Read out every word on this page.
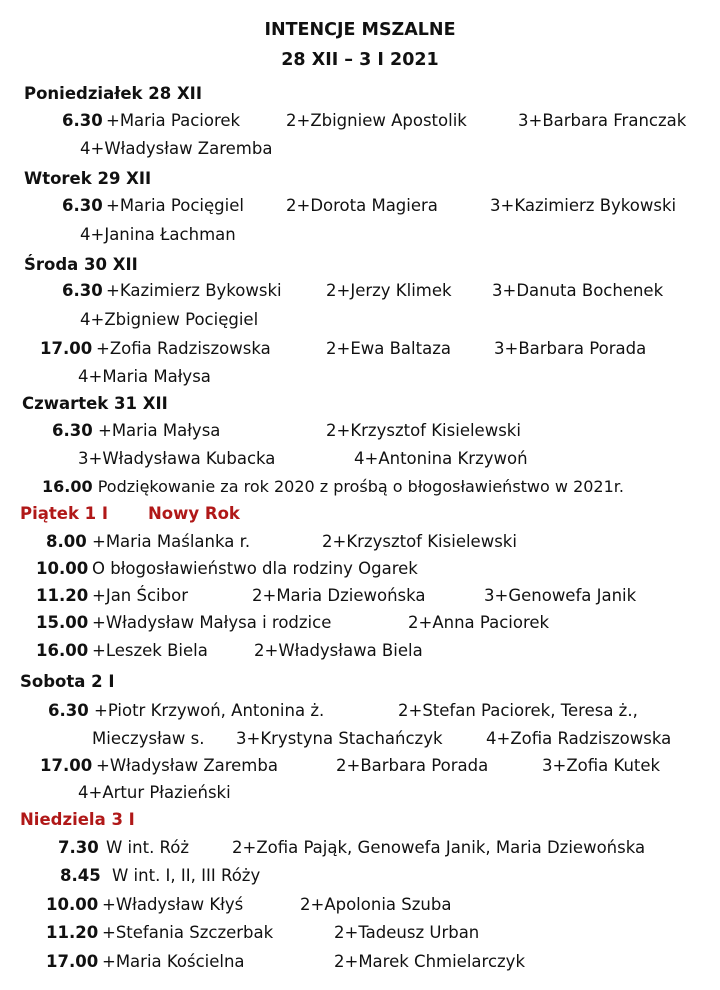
INTENCJE MSZALNE
28 XII – 3 I 2021
Poniedziałek 28 XII
6.30 +Maria Paciorek	2+Zbigniew Apostolik	3+Barbara Franczak
4+Władysław Zaremba
Wtorek 29 XII
6.30 +Maria Pocięgiel	2+Dorota Magiera	3+Kazimierz Bykowski
4+Janina Łachman
Środa 30 XII
6.30 +Kazimierz Bykowski	2+Jerzy Klimek 3+Danuta Bochenek
4+Zbigniew Pocięgiel
17.00 +Zofia Radziszowska	2+Ewa Baltaza	3+Barbara Porada
4+Maria Małysa
Czwartek 31 XII
6.30 +Maria Małysa	2+Krzysztof Kisielewski
3+Władysława Kubacka	4+Antonina Krzywoń
16.00 Podziękowanie za rok 2020 z prośbą o błogosławieństwo w 2021r.
Piątek 1 I Nowy Rok
8.00 +Maria Maślanka r.	2+Krzysztof Kisielewski
10.00 O błogosławieństwo dla rodziny Ogarek
11.20 +Jan Ścibor	2+Maria Dziewońska	3+Genowefa Janik
15.00 +Władysław Małysa i rodzice	2+Anna Paciorek
16.00 +Leszek Biela	2+Władysława Biela
Sobota 2 I
6.30 +Piotr Krzywoń, Antonina ż.	2+Stefan Paciorek, Teresa ż.,
Mieczysław s. 3+Krystyna Stachańczyk	4+Zofia Radziszowska
17.00 +Władysław Zaremba	2+Barbara Porada	3+Zofia Kutek
4+Artur Płazieński
Niedziela 3 I
7.30 W int. Róż	2+Zofia Pająk, Genowefa Janik, Maria Dziewońska
8.45 W int. I, II, III Róży
10.00 +Władysław Kłyś	2+Apolonia Szuba
11.20 +Stefania Szczerbak	2+Tadeusz Urban
17.00 +Maria Kościelna	2+Marek Chmielarczyk
